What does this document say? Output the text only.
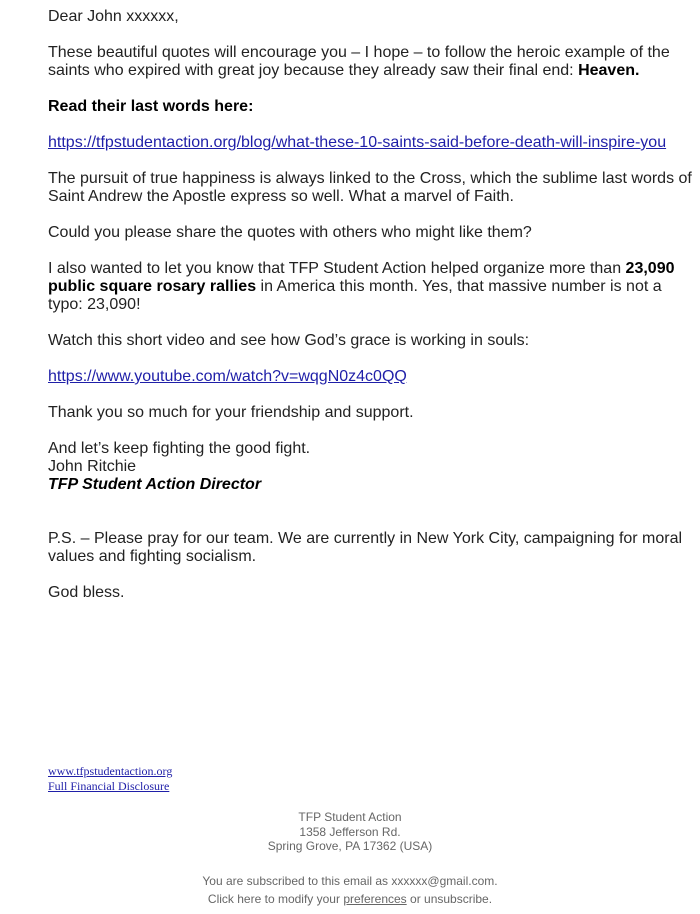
Dear John xxxxxx,

These beautiful quotes will encourage you – I hope – to follow the heroic example of the saints who expired with great joy because they already saw their final end: Heaven.

Read their last words here:

https://tfpstudentaction.org/blog/what-these-10-saints-said-before-death-will-inspire-you

The pursuit of true happiness is always linked to the Cross, which the sublime last words of Saint Andrew the Apostle express so well. What a marvel of Faith.

Could you please share the quotes with others who might like them?

I also wanted to let you know that TFP Student Action helped organize more than 23,090 public square rosary rallies in America this month. Yes, that massive number is not a typo: 23,090!

Watch this short video and see how God’s grace is working in souls:

https://www.youtube.com/watch?v=wqgN0z4c0QQ

Thank you so much for your friendship and support.

And let’s keep fighting the good fight.

John Ritchie

TFP Student Action Director

P.S. – Please pray for our team. We are currently in New York City, campaigning for moral values and fighting socialism.

God bless.

www.tfpstudentaction.org
Full Financial Disclosure
TFP Student Action
1358 Jefferson Rd.
Spring Grove, PA 17362 (USA)
You are subscribed to this email as xxxxxx@gmail.com.
Click here to modify your preferences or unsubscribe.
